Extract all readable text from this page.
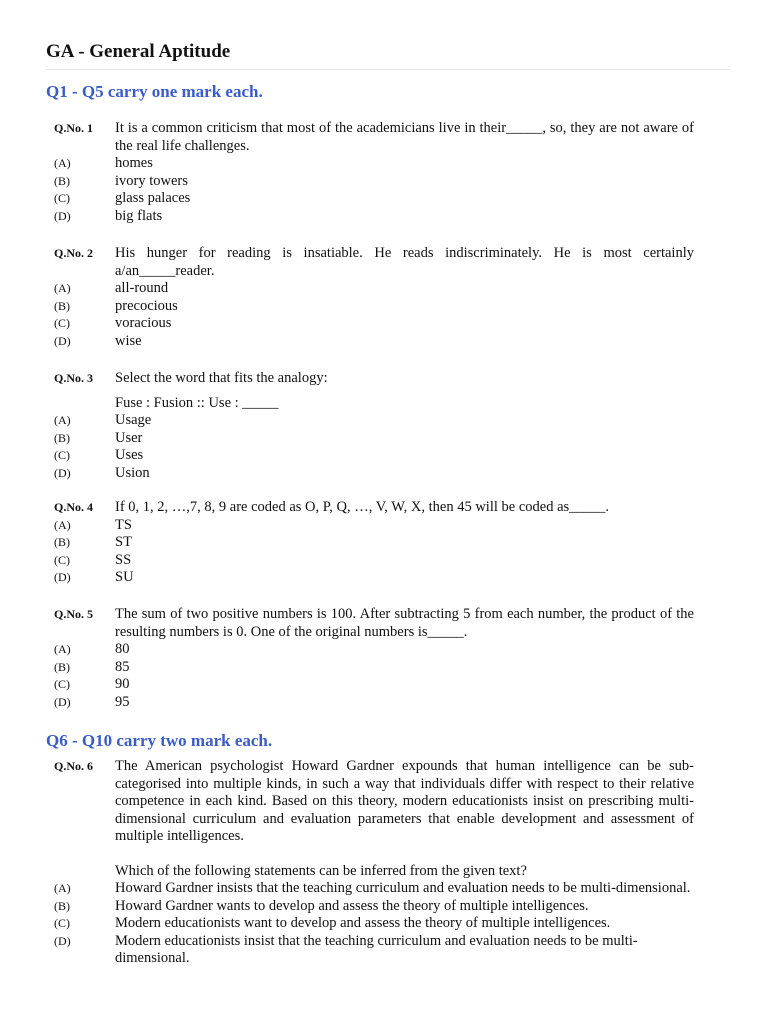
GA - General Aptitude
Q1 - Q5 carry one mark each.
Q.No. 1	It is a common criticism that most of the academicians live in their_____, so, they are not aware of the real life challenges.
(A)	homes
(B)	ivory towers
(C)	glass palaces
(D)	big flats
Q.No. 2	His hunger for reading is insatiable. He reads indiscriminately. He is most certainly a/an_____reader.
(A)	all-round
(B)	precocious
(C)	voracious
(D)	wise
Q.No. 3	Select the word that fits the analogy:
Fuse : Fusion :: Use : _____
(A)	Usage
(B)	User
(C)	Uses
(D)	Usion
Q.No. 4	If 0, 1, 2, …,7, 8, 9 are coded as O, P, Q, …, V, W, X, then 45 will be coded as_____.
(A)	TS
(B)	ST
(C)	SS
(D)	SU
Q.No. 5	The sum of two positive numbers is 100. After subtracting 5 from each number, the product of the resulting numbers is 0. One of the original numbers is_____.
(A)	80
(B)	85
(C)	90
(D)	95
Q6 - Q10 carry two mark each.
Q.No. 6	The American psychologist Howard Gardner expounds that human intelligence can be sub-categorised into multiple kinds, in such a way that individuals differ with respect to their relative competence in each kind. Based on this theory, modern educationists insist on prescribing multi-dimensional curriculum and evaluation parameters that enable development and assessment of multiple intelligences.
Which of the following statements can be inferred from the given text?
(A)	Howard Gardner insists that the teaching curriculum and evaluation needs to be multi-dimensional.
(B)	Howard Gardner wants to develop and assess the theory of multiple intelligences.
(C)	Modern educationists want to develop and assess the theory of multiple intelligences.
(D)	Modern educationists insist that the teaching curriculum and evaluation needs to be multi-dimensional.
